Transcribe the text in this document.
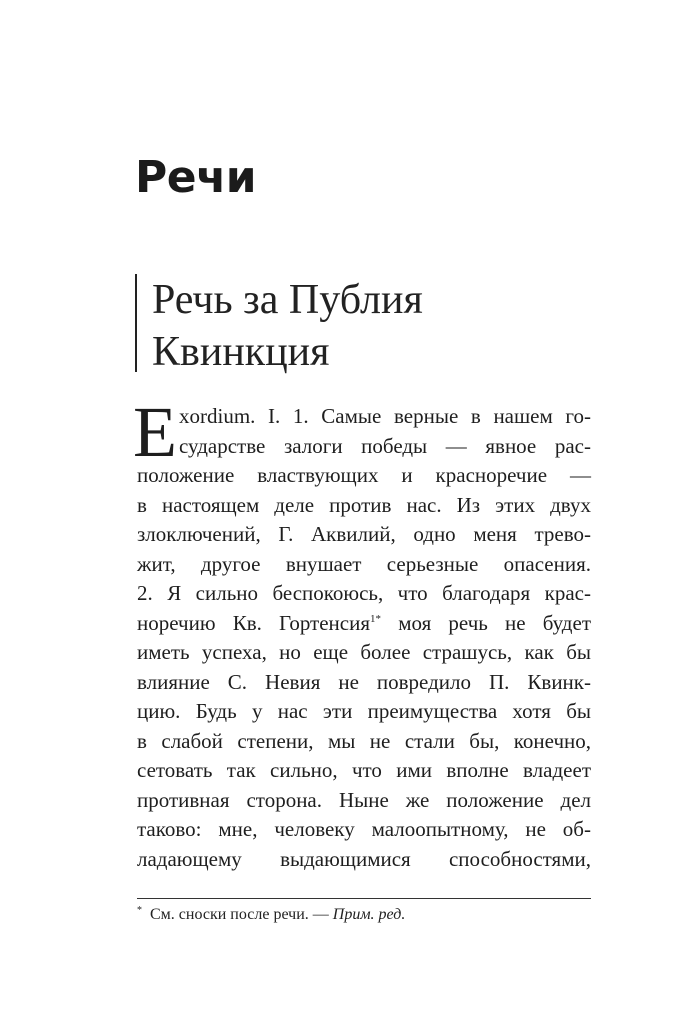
Речи
Речь за Публия
Квинкция
E xordium. I. 1. Самые верные в нашем го-
сударстве залоги победы — явное рас-
положение властвующих и красноречие —
в настоящем деле против нас. Из этих двух
злоключений, Г. Аквилий, одно меня трево-
жит, другое внушает серьезные опасения.
2. Я сильно беспокоюсь, что благодаря крас-
норечию Кв. Гортенсия$^{1*}$ моя речь не будет
иметь успеха, но еще более страшусь, как бы
влияние С. Невия не повредило П. Квинк-
цию. Будь у нас эти преимущества хотя бы
в слабой степени, мы не стали бы, конечно,
сетовать так сильно, что ими вполне владеет
противная сторона. Ныне же положение дел
таково: мне, человеку малоопытному, не об-
ладающему выдающимися способностями,
* См. сноски после речи. — Прим. ред.
